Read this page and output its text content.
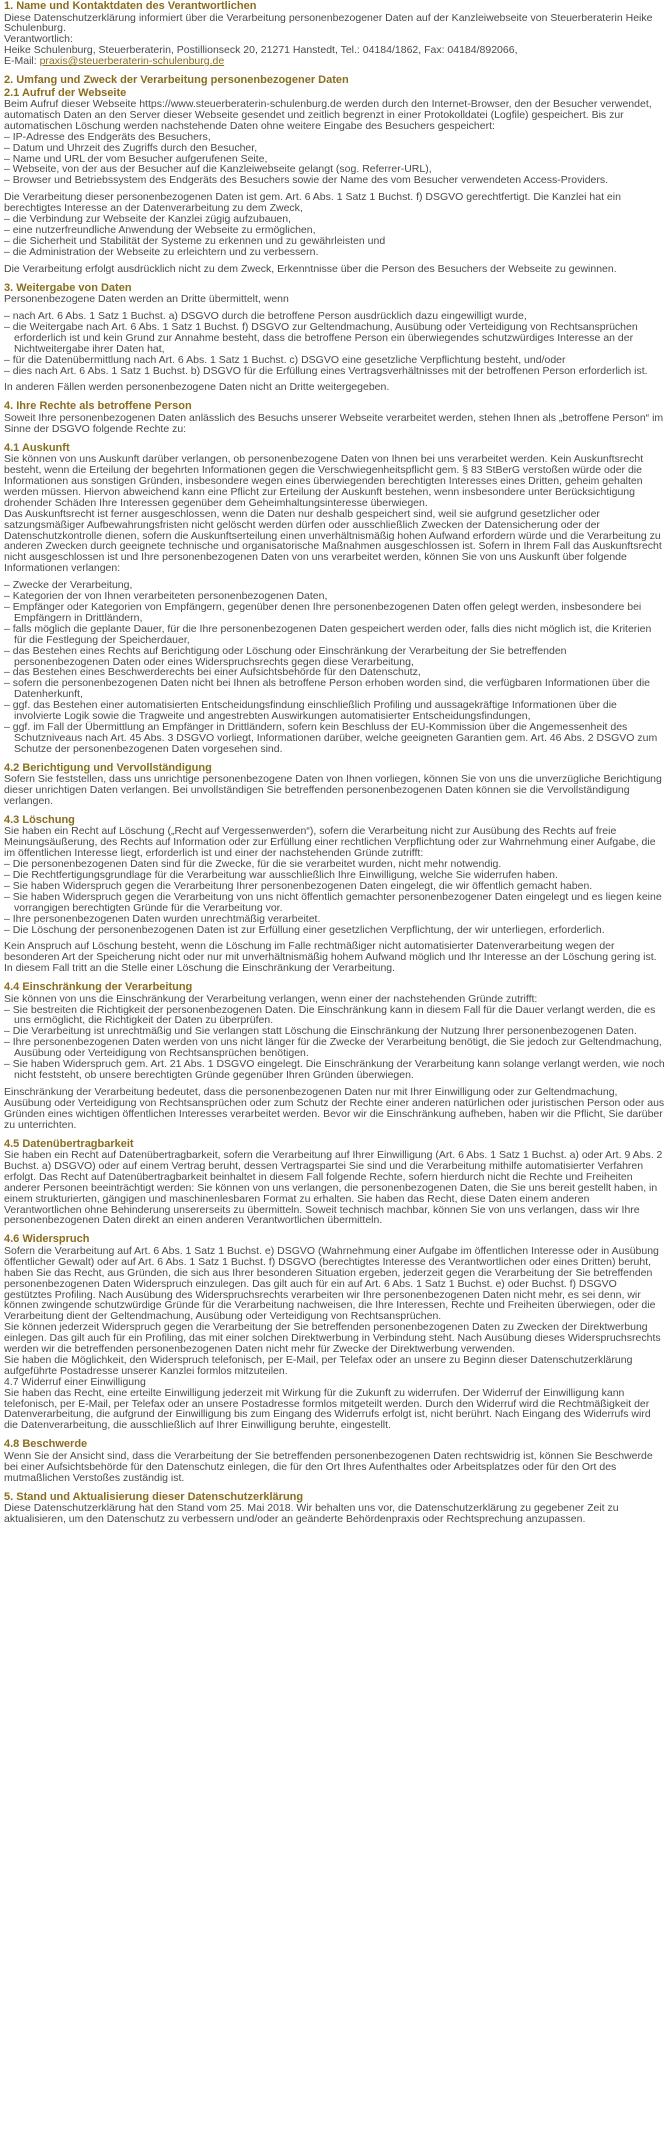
1. Name und Kontaktdaten des Verantwortlichen

Diese Datenschutzerklärung informiert über die Verarbeitung personenbezogener Daten auf der Kanzleiwebseite von Steuerberaterin Heike Schulenburg.

Verantwortlich:

Heike Schulenburg, Steuerberaterin, Postillionseck 20, 21271 Hanstedt, Tel.: 04184/1862, Fax: 04184/892066,

E-Mail: praxis@steuerberaterin-schulenburg.de

2. Umfang und Zweck der Verarbeitung personenbezogener Daten
2.1 Aufruf der Webseite

Beim Aufruf dieser Webseite https://www.steuerberaterin-schulenburg.de werden durch den Internet-Browser, den der Besucher verwendet, automatisch Daten an den Server dieser Webseite gesendet und zeitlich begrenzt in einer Protokolldatei (Logfile) gespeichert. Bis zur automatischen Löschung werden nachstehende Daten ohne weitere Eingabe des Besuchers gespeichert:

– IP-Adresse des Endgeräts des Besuchers,
– Datum und Uhrzeit des Zugriffs durch den Besucher,
– Name und URL der vom Besucher aufgerufenen Seite,
– Webseite, von der aus der Besucher auf die Kanzleiwebseite gelangt (sog. Referrer-URL),
– Browser und Betriebssystem des Endgeräts des Besuchers sowie der Name des vom Besucher verwendeten Access-Providers.

Die Verarbeitung dieser personenbezogenen Daten ist gem. Art. 6 Abs. 1 Satz 1 Buchst. f) DSGVO gerechtfertigt. Die Kanzlei hat ein berechtigtes Interesse an der Datenverarbeitung zu dem Zweck,

– die Verbindung zur Webseite der Kanzlei zügig aufzubauen,
– eine nutzerfreundliche Anwendung der Webseite zu ermöglichen,
– die Sicherheit und Stabilität der Systeme zu erkennen und zu gewährleisten und
– die Administration der Webseite zu erleichtern und zu verbessern.

Die Verarbeitung erfolgt ausdrücklich nicht zu dem Zweck, Erkenntnisse über die Person des Besuchers der Webseite zu gewinnen.

3. Weitergabe von Daten

Personenbezogene Daten werden an Dritte übermittelt, wenn

– nach Art. 6 Abs. 1 Satz 1 Buchst. a) DSGVO durch die betroffene Person ausdrücklich dazu eingewilligt wurde,
– die Weitergabe nach Art. 6 Abs. 1 Satz 1 Buchst. f) DSGVO zur Geltendmachung, Ausübung oder Verteidigung von Rechtsansprüchen erforderlich ist und kein Grund zur Annahme besteht, dass die betroffene Person ein überwiegendes schutzwürdiges Interesse an der Nichtweitergabe ihrer Daten hat,
– für die Datenübermittlung nach Art. 6 Abs. 1 Satz 1 Buchst. c) DSGVO eine gesetzliche Verpflichtung besteht, und/oder
– dies nach Art. 6 Abs. 1 Satz 1 Buchst. b) DSGVO für die Erfüllung eines Vertragsverhältnisses mit der betroffenen Person erforderlich ist.

In anderen Fällen werden personenbezogene Daten nicht an Dritte weitergegeben.

4. Ihre Rechte als betroffene Person

Soweit Ihre personenbezogenen Daten anlässlich des Besuchs unserer Webseite verarbeitet werden, stehen Ihnen als „betroffene Person“ im Sinne der DSGVO folgende Rechte zu:

4.1 Auskunft

Sie können von uns Auskunft darüber verlangen, ob personenbezogene Daten von Ihnen bei uns verarbeitet werden. Kein Auskunftsrecht besteht, wenn die Erteilung der begehrten Informationen gegen die Verschwiegenheitspflicht gem. § 83 StBerG verstoßen würde oder die Informationen aus sonstigen Gründen, insbesondere wegen eines überwiegenden berechtigten Interesses eines Dritten, geheim gehalten werden müssen. Hiervon abweichend kann eine Pflicht zur Erteilung der Auskunft bestehen, wenn insbesondere unter Berücksichtigung drohender Schäden Ihre Interessen gegenüber dem Geheimhaltungsinteresse überwiegen.

Das Auskunftsrecht ist ferner ausgeschlossen, wenn die Daten nur deshalb gespeichert sind, weil sie aufgrund gesetzlicher oder satzungsmäßiger Aufbewahrungsfristen nicht gelöscht werden dürfen oder ausschließlich Zwecken der Datensicherung oder der Datenschutzkontrolle dienen, sofern die Auskunftserteilung einen unverhältnismäßig hohen Aufwand erfordern würde und die Verarbeitung zu anderen Zwecken durch geeignete technische und organisatorische Maßnahmen ausgeschlossen ist. Sofern in Ihrem Fall das Auskunftsrecht nicht ausgeschlossen ist und Ihre personenbezogenen Daten von uns verarbeitet werden, können Sie von uns Auskunft über folgende Informationen verlangen:

– Zwecke der Verarbeitung,
– Kategorien der von Ihnen verarbeiteten personenbezogenen Daten,
– Empfänger oder Kategorien von Empfängern, gegenüber denen Ihre personenbezogenen Daten offen gelegt werden, insbesondere bei Empfängern in Drittländern,
– falls möglich die geplante Dauer, für die Ihre personenbezogenen Daten gespeichert werden oder, falls dies nicht möglich ist, die Kriterien für die Festlegung der Speicherdauer,
– das Bestehen eines Rechts auf Berichtigung oder Löschung oder Einschränkung der Verarbeitung der Sie betreffenden personenbezogenen Daten oder eines Widerspruchsrechts gegen diese Verarbeitung,
– das Bestehen eines Beschwerderechts bei einer Aufsichtsbehörde für den Datenschutz,
– sofern die personenbezogenen Daten nicht bei Ihnen als betroffene Person erhoben worden sind, die verfügbaren Informationen über die Datenherkunft,
– ggf. das Bestehen einer automatisierten Entscheidungsfindung einschließlich Profiling und aussagekräftige Informationen über die involvierte Logik sowie die Tragweite und angestrebten Auswirkungen automatisierter Entscheidungsfindungen,
– ggf. im Fall der Übermittlung an Empfänger in Drittländern, sofern kein Beschluss der EU-Kommission über die Angemessenheit des Schutzniveaus nach Art. 45 Abs. 3 DSGVO vorliegt, Informationen darüber, welche geeigneten Garantien gem. Art. 46 Abs. 2 DSGVO zum Schutze der personenbezogenen Daten vorgesehen sind.
4.2 Berichtigung und Vervollständigung

Sofern Sie feststellen, dass uns unrichtige personenbezogene Daten von Ihnen vorliegen, können Sie von uns die unverzügliche Berichtigung dieser unrichtigen Daten verlangen. Bei unvollständigen Sie betreffenden personenbezogenen Daten können sie die Vervollständigung verlangen.

4.3 Löschung

Sie haben ein Recht auf Löschung („Recht auf Vergessenwerden“), sofern die Verarbeitung nicht zur Ausübung des Rechts auf freie Meinungsäußerung, des Rechts auf Information oder zur Erfüllung einer rechtlichen Verpflichtung oder zur Wahrnehmung einer Aufgabe, die im öffentlichen Interesse liegt, erforderlich ist und einer der nachstehenden Gründe zutrifft:

– Die personenbezogenen Daten sind für die Zwecke, für die sie verarbeitet wurden, nicht mehr notwendig.
– Die Rechtfertigungsgrundlage für die Verarbeitung war ausschließlich Ihre Einwilligung, welche Sie widerrufen haben.
– Sie haben Widerspruch gegen die Verarbeitung Ihrer personenbezogenen Daten eingelegt, die wir öffentlich gemacht haben.
– Sie haben Widerspruch gegen die Verarbeitung von uns nicht öffentlich gemachter personenbezogener Daten eingelegt und es liegen keine vorrangigen berechtigten Gründe für die Verarbeitung vor.
– Ihre personenbezogenen Daten wurden unrechtmäßig verarbeitet.
– Die Löschung der personenbezogenen Daten ist zur Erfüllung einer gesetzlichen Verpflichtung, der wir unterliegen, erforderlich.

Kein Anspruch auf Löschung besteht, wenn die Löschung im Falle rechtmäßiger nicht automatisierter Datenverarbeitung wegen der besonderen Art der Speicherung nicht oder nur mit unverhältnismäßig hohem Aufwand möglich und Ihr Interesse an der Löschung gering ist. In diesem Fall tritt an die Stelle einer Löschung die Einschränkung der Verarbeitung.

4.4 Einschränkung der Verarbeitung

Sie können von uns die Einschränkung der Verarbeitung verlangen, wenn einer der nachstehenden Gründe zutrifft:

– Sie bestreiten die Richtigkeit der personenbezogenen Daten. Die Einschränkung kann in diesem Fall für die Dauer verlangt werden, die es uns ermöglicht, die Richtigkeit der Daten zu überprüfen.
– Die Verarbeitung ist unrechtmäßig und Sie verlangen statt Löschung die Einschränkung der Nutzung Ihrer personenbezogenen Daten.
– Ihre personenbezogenen Daten werden von uns nicht länger für die Zwecke der Verarbeitung benötigt, die Sie jedoch zur Geltendmachung, Ausübung oder Verteidigung von Rechtsansprüchen benötigen.
– Sie haben Widerspruch gem. Art. 21 Abs. 1 DSGVO eingelegt. Die Einschränkung der Verarbeitung kann solange verlangt werden, wie noch nicht feststeht, ob unsere berechtigten Gründe gegenüber Ihren Gründen überwiegen.

Einschränkung der Verarbeitung bedeutet, dass die personenbezogenen Daten nur mit Ihrer Einwilligung oder zur Geltendmachung, Ausübung oder Verteidigung von Rechtsansprüchen oder zum Schutz der Rechte einer anderen natürlichen oder juristischen Person oder aus Gründen eines wichtigen öffentlichen Interesses verarbeitet werden. Bevor wir die Einschränkung aufheben, haben wir die Pflicht, Sie darüber zu unterrichten.

4.5 Datenübertragbarkeit

Sie haben ein Recht auf Datenübertragbarkeit, sofern die Verarbeitung auf Ihrer Einwilligung (Art. 6 Abs. 1 Satz 1 Buchst. a) oder Art. 9 Abs. 2 Buchst. a) DSGVO) oder auf einem Vertrag beruht, dessen Vertragspartei Sie sind und die Verarbeitung mithilfe automatisierter Verfahren erfolgt. Das Recht auf Datenübertragbarkeit beinhaltet in diesem Fall folgende Rechte, sofern hierdurch nicht die Rechte und Freiheiten anderer Personen beeinträchtigt werden: Sie können von uns verlangen, die personenbezogenen Daten, die Sie uns bereit gestellt haben, in einem strukturierten, gängigen und maschinenlesbaren Format zu erhalten. Sie haben das Recht, diese Daten einem anderen Verantwortlichen ohne Behinderung unsererseits zu übermitteln. Soweit technisch machbar, können Sie von uns verlangen, dass wir Ihre personenbezogenen Daten direkt an einen anderen Verantwortlichen übermitteln.

4.6 Widerspruch

Sofern die Verarbeitung auf Art. 6 Abs. 1 Satz 1 Buchst. e) DSGVO (Wahrnehmung einer Aufgabe im öffentlichen Interesse oder in Ausübung öffentlicher Gewalt) oder auf Art. 6 Abs. 1 Satz 1 Buchst. f) DSGVO (berechtigtes Interesse des Verantwortlichen oder eines Dritten) beruht, haben Sie das Recht, aus Gründen, die sich aus Ihrer besonderen Situation ergeben, jederzeit gegen die Verarbeitung der Sie betreffenden personenbezogenen Daten Widerspruch einzulegen. Das gilt auch für ein auf Art. 6 Abs. 1 Satz 1 Buchst. e) oder Buchst. f) DSGVO gestütztes Profiling. Nach Ausübung des Widerspruchsrechts verarbeiten wir Ihre personenbezogenen Daten nicht mehr, es sei denn, wir können zwingende schutzwürdige Gründe für die Verarbeitung nachweisen, die Ihre Interessen, Rechte und Freiheiten überwiegen, oder die Verarbeitung dient der Geltendmachung, Ausübung oder Verteidigung von Rechtsansprüchen.

Sie können jederzeit Widerspruch gegen die Verarbeitung der Sie betreffenden personenbezogenen Daten zu Zwecken der Direktwerbung einlegen. Das gilt auch für ein Profiling, das mit einer solchen Direktwerbung in Verbindung steht. Nach Ausübung dieses Widerspruchsrechts werden wir die betreffenden personenbezogenen Daten nicht mehr für Zwecke der Direktwerbung verwenden.

Sie haben die Möglichkeit, den Widerspruch telefonisch, per E-Mail, per Telefax oder an unsere zu Beginn dieser Datenschutzerklärung aufgeführte Postadresse unserer Kanzlei formlos mitzuteilen.

4.7 Widerruf einer Einwilligung

Sie haben das Recht, eine erteilte Einwilligung jederzeit mit Wirkung für die Zukunft zu widerrufen. Der Widerruf der Einwilligung kann telefonisch, per E-Mail, per Telefax oder an unsere Postadresse formlos mitgeteilt werden. Durch den Widerruf wird die Rechtmäßigkeit der Datenverarbeitung, die aufgrund der Einwilligung bis zum Eingang des Widerrufs erfolgt ist, nicht berührt. Nach Eingang des Widerrufs wird die Datenverarbeitung, die ausschließlich auf Ihrer Einwilligung beruhte, eingestellt.

4.8 Beschwerde

Wenn Sie der Ansicht sind, dass die Verarbeitung der Sie betreffenden personenbezogenen Daten rechtswidrig ist, können Sie Beschwerde bei einer Aufsichtsbehörde für den Datenschutz einlegen, die für den Ort Ihres Aufenthaltes oder Arbeitsplatzes oder für den Ort des mutmaßlichen Verstoßes zuständig ist.

5. Stand und Aktualisierung dieser Datenschutzerklärung

Diese Datenschutzerklärung hat den Stand vom 25. Mai 2018. Wir behalten uns vor, die Datenschutzerklärung zu gegebener Zeit zu aktualisieren, um den Datenschutz zu verbessern und/oder an geänderte Behördenpraxis oder Rechtsprechung anzupassen.
